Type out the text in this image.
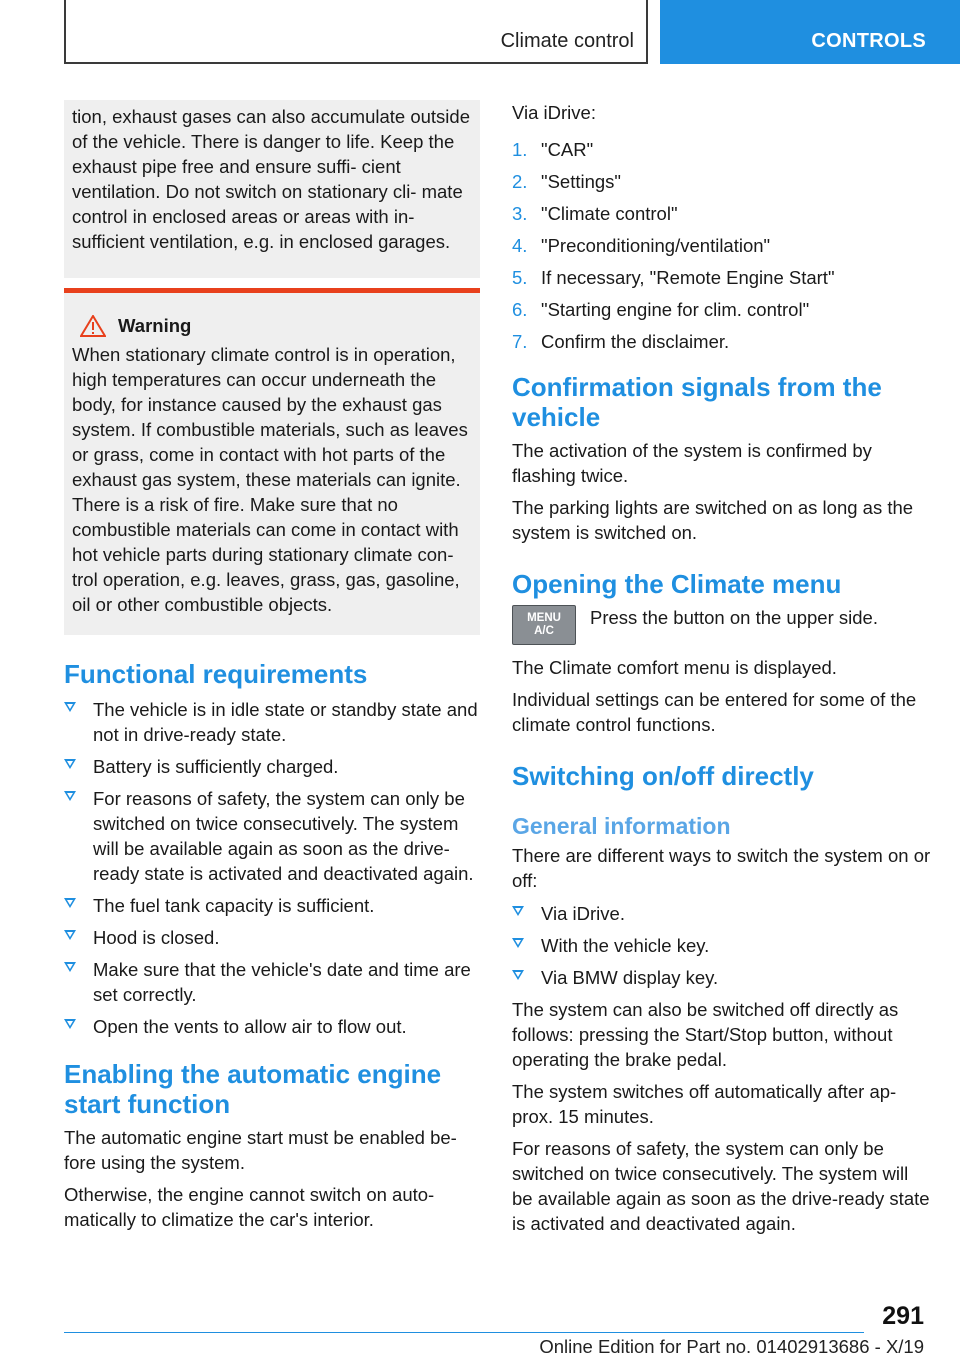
Climate control	CONTROLS

tion, exhaust gases can also accumulate outside of the vehicle. There is danger to life. Keep the exhaust pipe free and ensure suffi- cient ventilation. Do not switch on stationary cli- mate control in enclosed areas or areas with in- sufficient ventilation, e.g. in enclosed garages.

Warning

When stationary climate control is in operation, high temperatures can occur underneath the body, for instance caused by the exhaust gas system. If combustible materials, such as leaves or grass, come in contact with hot parts of the exhaust gas system, these materials can ignite. There is a risk of fire. Make sure that no combustible materials can come in contact with hot vehicle parts during stationary climate con- trol operation, e.g. leaves, grass, gas, gasoline, oil or other combustible objects.

Functional requirements
The vehicle is in idle state or standby state and not in drive-ready state.
Battery is sufficiently charged.
For reasons of safety, the system can only be switched on twice consecutively. The system will be available again as soon as the drive- ready state is activated and deactivated again.
The fuel tank capacity is sufficient.
Hood is closed.
Make sure that the vehicle's date and time are set correctly.
Open the vents to allow air to flow out.
Enabling the automatic engine start function

The automatic engine start must be enabled be- fore using the system.

Otherwise, the engine cannot switch on auto- matically to climatize the car's interior.

Via iDrive:

1. "CAR"
2. "Settings"
3. "Climate control"
4. "Preconditioning/ventilation"
5. If necessary, "Remote Engine Start"
6. "Starting engine for clim. control"
7. Confirm the disclaimer.
Confirmation signals from the vehicle

The activation of the system is confirmed by flashing twice.

The parking lights are switched on as long as the system is switched on.

Opening the Climate menu
MENU
A/C

Press the button on the upper side.

The Climate comfort menu is displayed.

Individual settings can be entered for some of the climate control functions.

Switching on/off directly
General information

There are different ways to switch the system on or off:

Via iDrive.
With the vehicle key.
Via BMW display key.

The system can also be switched off directly as follows: pressing the Start/Stop button, without operating the brake pedal.

The system switches off automatically after ap- prox. 15 minutes.

For reasons of safety, the system can only be switched on twice consecutively. The system will be available again as soon as the drive-ready state is activated and deactivated again.

291
Online Edition for Part no. 01402913686 - X/19
